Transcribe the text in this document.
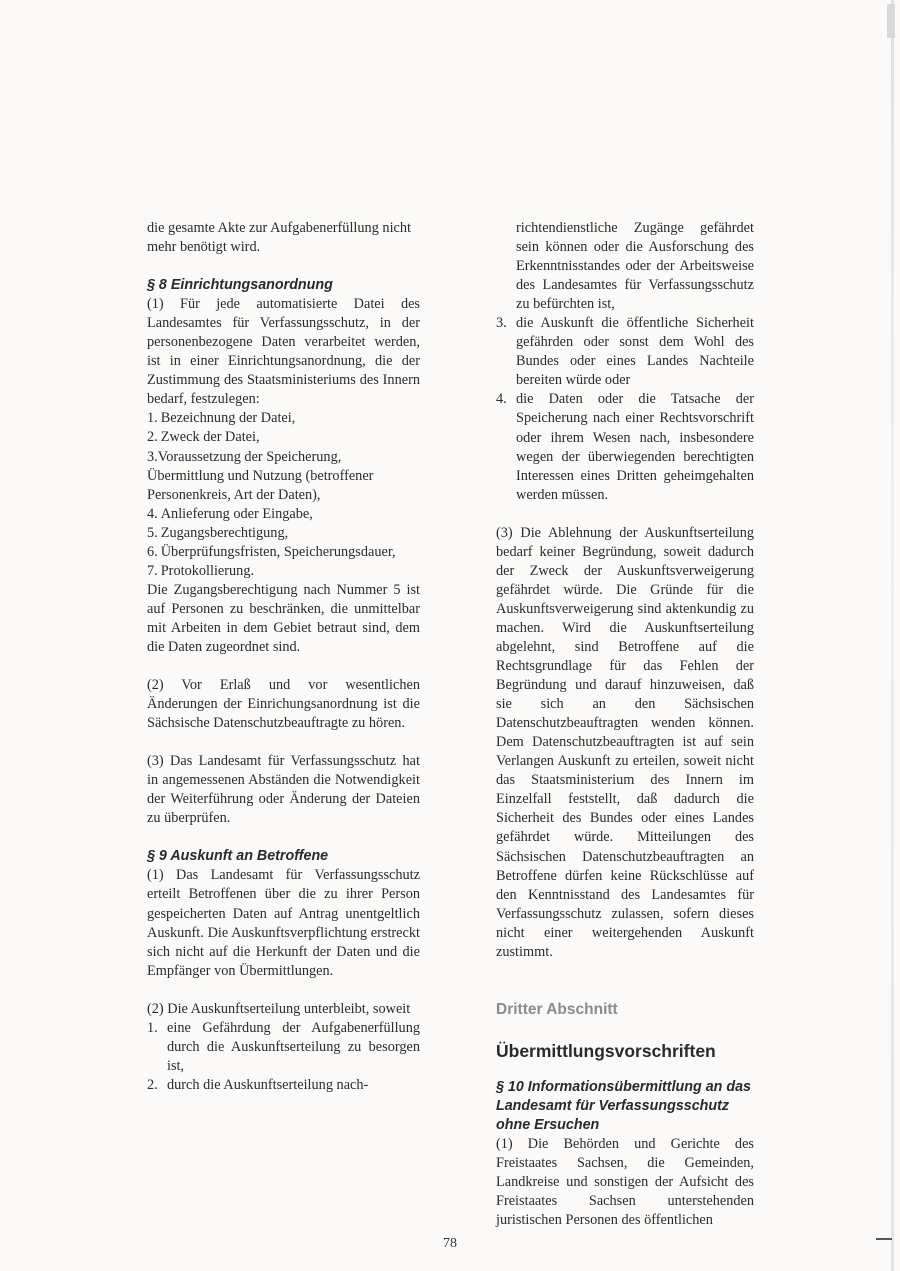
die gesamte Akte zur Aufgabenerfüllung nicht mehr benötigt wird.

§ 8 Einrichtungsanordnung

(1) Für jede automatisierte Datei des Landesamtes für Verfassungsschutz, in der personenbezogene Daten verarbeitet werden, ist in einer Einrichtungsanordnung, die der Zustimmung des Staatsministeriums des Innern bedarf, festzulegen:

1. Bezeichnung der Datei,
2. Zweck der Datei,
3.Voraussetzung der Speicherung, Übermittlung und Nutzung (betroffener Personenkreis, Art der Daten),
4. Anlieferung oder Eingabe,
5. Zugangsberechtigung,
6. Überprüfungsfristen, Speicherungsdauer,
7. Protokollierung.

Die Zugangsberechtigung nach Nummer 5 ist auf Personen zu beschränken, die unmittelbar mit Arbeiten in dem Gebiet betraut sind, dem die Daten zugeordnet sind.

(2) Vor Erlaß und vor wesentlichen Änderungen der Einrichungsanordnung ist die Sächsische Datenschutzbeauftragte zu hören.

(3) Das Landesamt für Verfassungsschutz hat in angemessenen Abständen die Notwendigkeit der Weiterführung oder Änderung der Dateien zu überprüfen.

§ 9 Auskunft an Betroffene

(1) Das Landesamt für Verfassungsschutz erteilt Betroffenen über die zu ihrer Person gespeicherten Daten auf Antrag unentgeltlich Auskunft. Die Auskunftsverpflichtung erstreckt sich nicht auf die Herkunft der Daten und die Empfänger von Übermittlungen.

(2) Die Auskunftserteilung unterbleibt, soweit

1. eine Gefährdung der Aufgabenerfüllung durch die Auskunftserteilung zu besorgen ist,
2. durch die Auskunftserteilung nach-

richtendienstliche Zugänge gefährdet sein können oder die Ausforschung des Erkenntnisstandes oder der Arbeitsweise des Landesamtes für Verfassungsschutz zu befürchten ist,

3. die Auskunft die öffentliche Sicherheit gefährden oder sonst dem Wohl des Bundes oder eines Landes Nachteile bereiten würde oder
4. die Daten oder die Tatsache der Speicherung nach einer Rechtsvorschrift oder ihrem Wesen nach, insbesondere wegen der überwiegenden berechtigten Interessen eines Dritten geheimgehalten werden müssen.

(3) Die Ablehnung der Auskunftserteilung bedarf keiner Begründung, soweit dadurch der Zweck der Auskunftsverweigerung gefährdet würde. Die Gründe für die Auskunftsverweigerung sind aktenkundig zu machen. Wird die Auskunftserteilung abgelehnt, sind Betroffene auf die Rechtsgrundlage für das Fehlen der Begründung und darauf hinzuweisen, daß sie sich an den Sächsischen Datenschutzbeauftragten wenden können. Dem Datenschutzbeauftragten ist auf sein Verlangen Auskunft zu erteilen, soweit nicht das Staatsministerium des Innern im Einzelfall feststellt, daß dadurch die Sicherheit des Bundes oder eines Landes gefährdet würde. Mitteilungen des Sächsischen Datenschutzbeauftragten an Betroffene dürfen keine Rückschlüsse auf den Kenntnisstand des Landesamtes für Verfassungsschutz zulassen, sofern dieses nicht einer weitergehenden Auskunft zustimmt.

Dritter Abschnitt
Übermittlungsvorschriften
§ 10 Informationsübermittlung an das Landesamt für Verfassungsschutz ohne Ersuchen

(1) Die Behörden und Gerichte des Freistaates Sachsen, die Gemeinden, Landkreise und sonstigen der Aufsicht des Freistaates Sachsen unterstehenden juristischen Personen des öffentlichen

78
